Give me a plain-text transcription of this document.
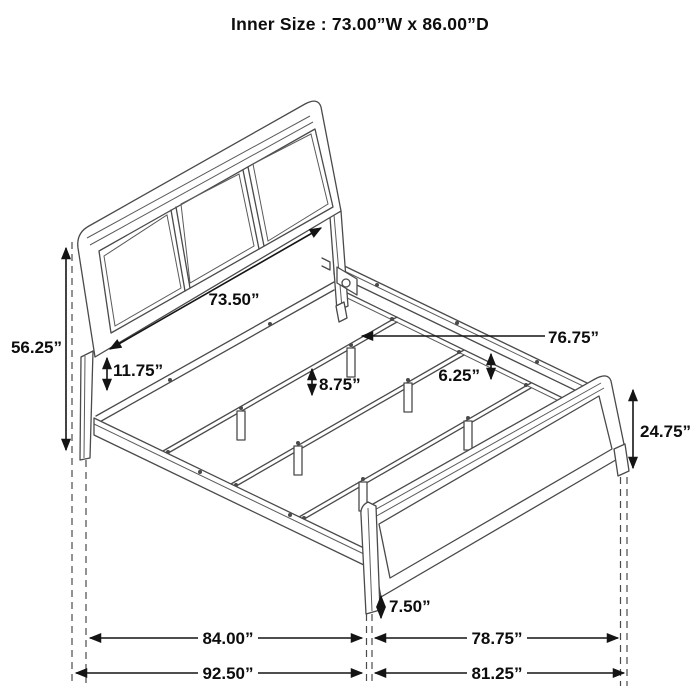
Inner Size : 73.00”W x 86.00”D
56.25”
73.50”
11.75”
76.75”
8.75”	6.25”
24.75”
7.50”
84.00”	78.75”
92.50”	81.25”
